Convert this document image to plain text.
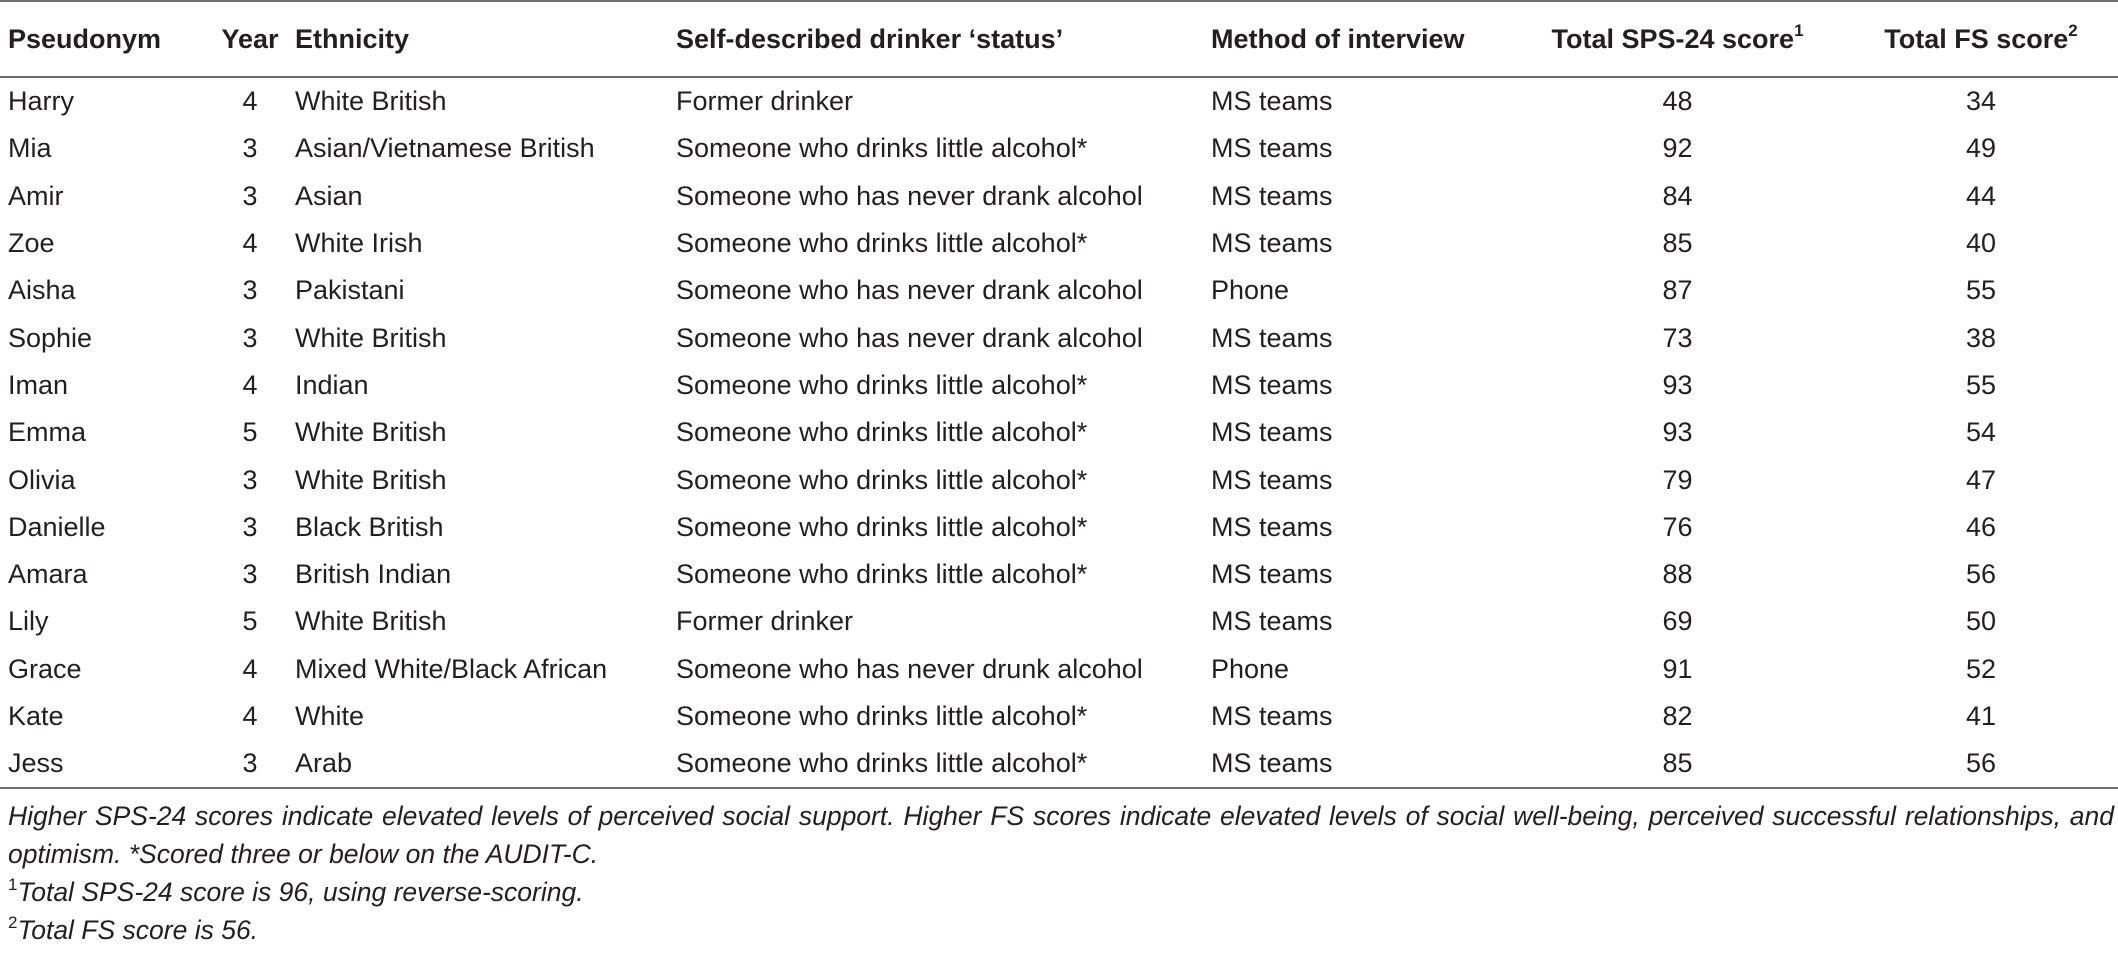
Pseudonym	Year	Ethnicity	Self-described drinker ‘status’	Method of interview	Total SPS-24 score$^1$	Total FS score$^2$
Harry	4	White British	Former drinker	MS teams	48	34
Mia	3	Asian/Vietnamese British	Someone who drinks little alcohol*	MS teams	92	49
Amir	3	Asian	Someone who has never drank alcohol	MS teams	84	44
Zoe	4	White Irish	Someone who drinks little alcohol*	MS teams	85	40
Aisha	3	Pakistani	Someone who has never drank alcohol	Phone	87	55
Sophie	3	White British	Someone who has never drank alcohol	MS teams	73	38
Iman	4	Indian	Someone who drinks little alcohol*	MS teams	93	55
Emma	5	White British	Someone who drinks little alcohol*	MS teams	93	54
Olivia	3	White British	Someone who drinks little alcohol*	MS teams	79	47
Danielle	3	Black British	Someone who drinks little alcohol*	MS teams	76	46
Amara	3	British Indian	Someone who drinks little alcohol*	MS teams	88	56
Lily	5	White British	Former drinker	MS teams	69	50
Grace	4	Mixed White/Black African	Someone who has never drunk alcohol	Phone	91	52
Kate	4	White	Someone who drinks little alcohol*	MS teams	82	41
Jess	3	Arab	Someone who drinks little alcohol*	MS teams	85	56

Higher SPS-24 scores indicate elevated levels of perceived social support. Higher FS scores indicate elevated levels of social well-being, perceived successful relationships, and optimism. *Scored three or below on the AUDIT-C.

$^1$Total SPS-24 score is 96, using reverse-scoring.

$^2$Total FS score is 56.
